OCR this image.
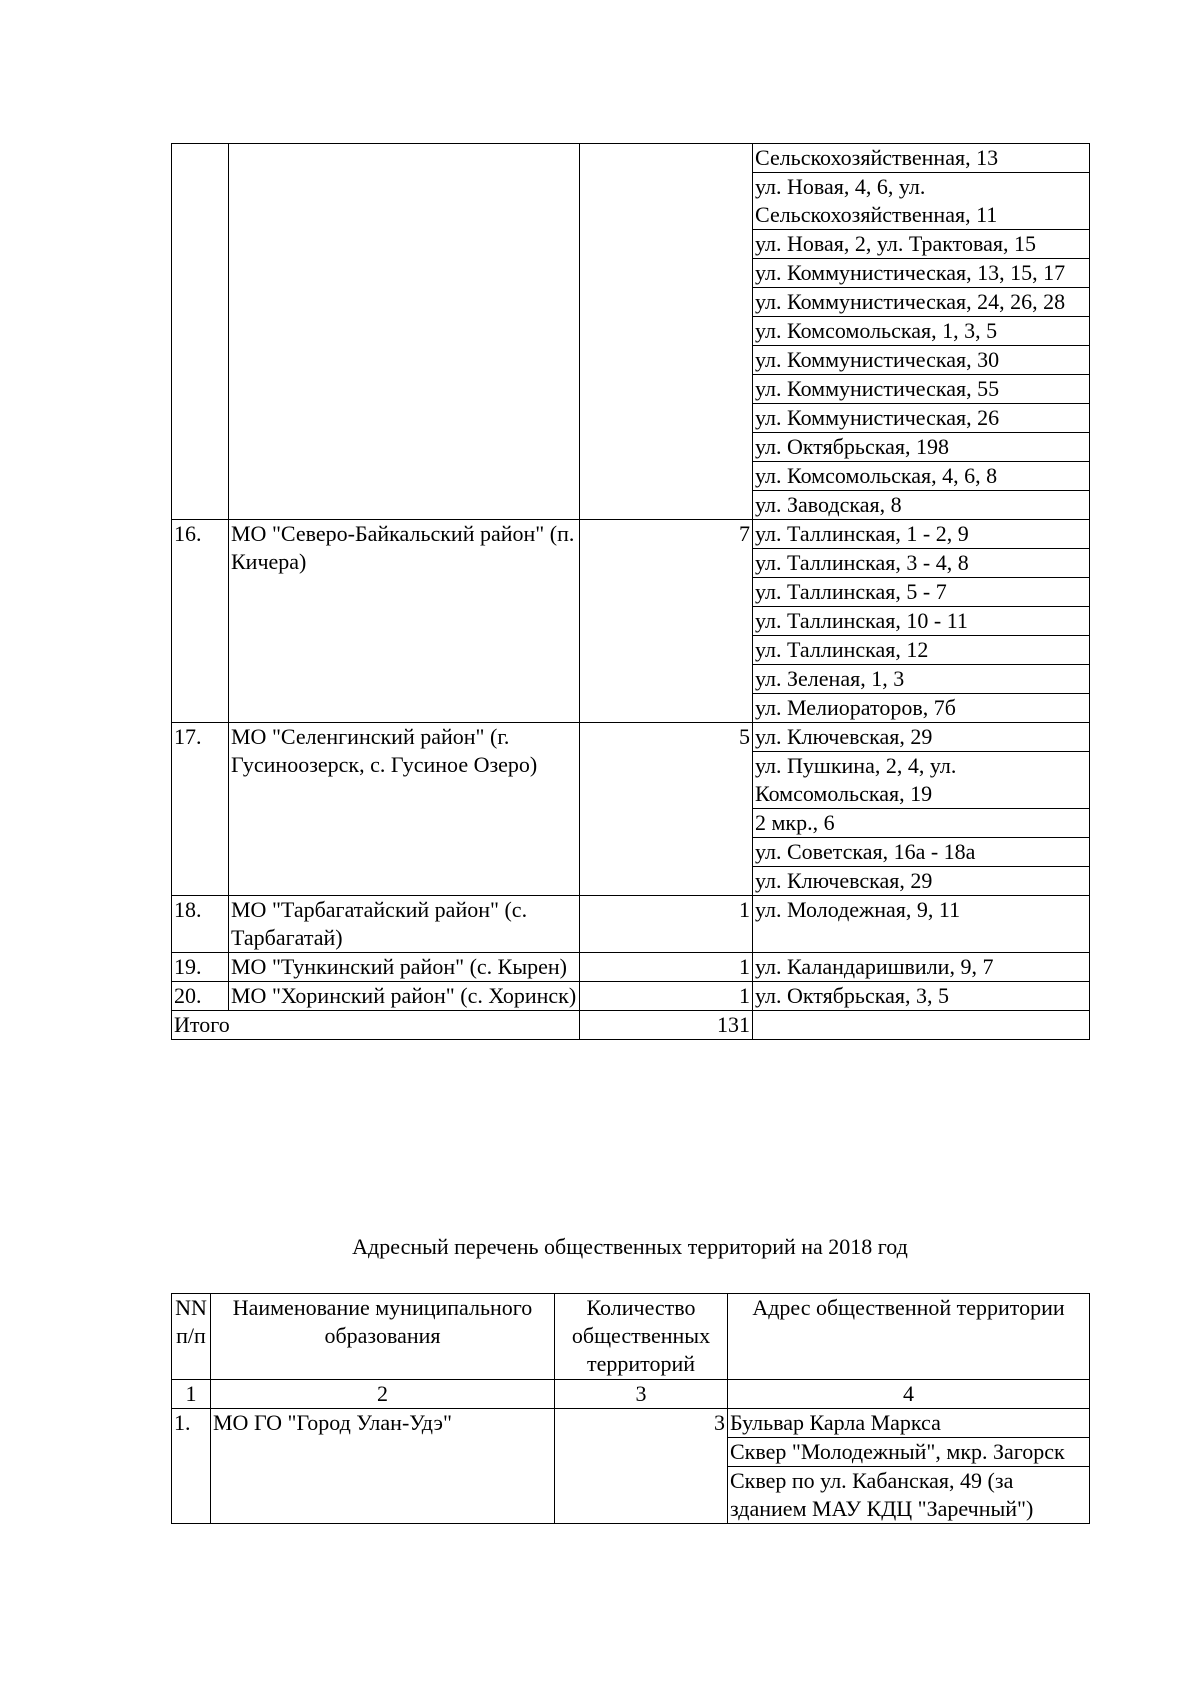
			Сельскохозяйственная, 13
			ул. Новая, 4, 6, ул. Сельскохозяйственная, 11
			ул. Новая, 2, ул. Трактовая, 15
			ул. Коммунистическая, 13, 15, 17
			ул. Коммунистическая, 24, 26, 28
			ул. Комсомольская, 1, 3, 5
			ул. Коммунистическая, 30
			ул. Коммунистическая, 55
			ул. Коммунистическая, 26
			ул. Октябрьская, 198
			ул. Комсомольская, 4, 6, 8
			ул. Заводская, 8
16.	МО "Северо-Байкальский район" (п. Кичера)	7	ул. Таллинская, 1 - 2, 9
			ул. Таллинская, 3 - 4, 8
			ул. Таллинская, 5 - 7
			ул. Таллинская, 10 - 11
			ул. Таллинская, 12
			ул. Зеленая, 1, 3
			ул. Мелиораторов, 7б
17.	МО "Селенгинский район" (г. Гусиноозерск, с. Гусиное Озеро)	5	ул. Ключевская, 29
			ул. Пушкина, 2, 4, ул. Комсомольская, 19
			2 мкр., 6
			ул. Советская, 16а - 18а
			ул. Ключевская, 29
18.	МО "Тарбагатайский район" (с. Тарбагатай)	1	ул. Молодежная, 9, 11
19.	МО "Тункинский район" (с. Кырен)	1	ул. Каландаришвили, 9, 7
20.	МО "Хоринский район" (с. Хоринск)	1	ул. Октябрьская, 3, 5
Итого		131	
Адресный перечень общественных территорий на 2018 год
NN п/п	Наименование муниципального образования	Количество общественных территорий	Адрес общественной территории
1	2	3	4
1.	МО ГО "Город Улан-Удэ"	3	Бульвар Карла Маркса
			Сквер "Молодежный", мкр. Загорск
			Сквер по ул. Кабанская, 49 (за зданием МАУ КДЦ "Заречный")
